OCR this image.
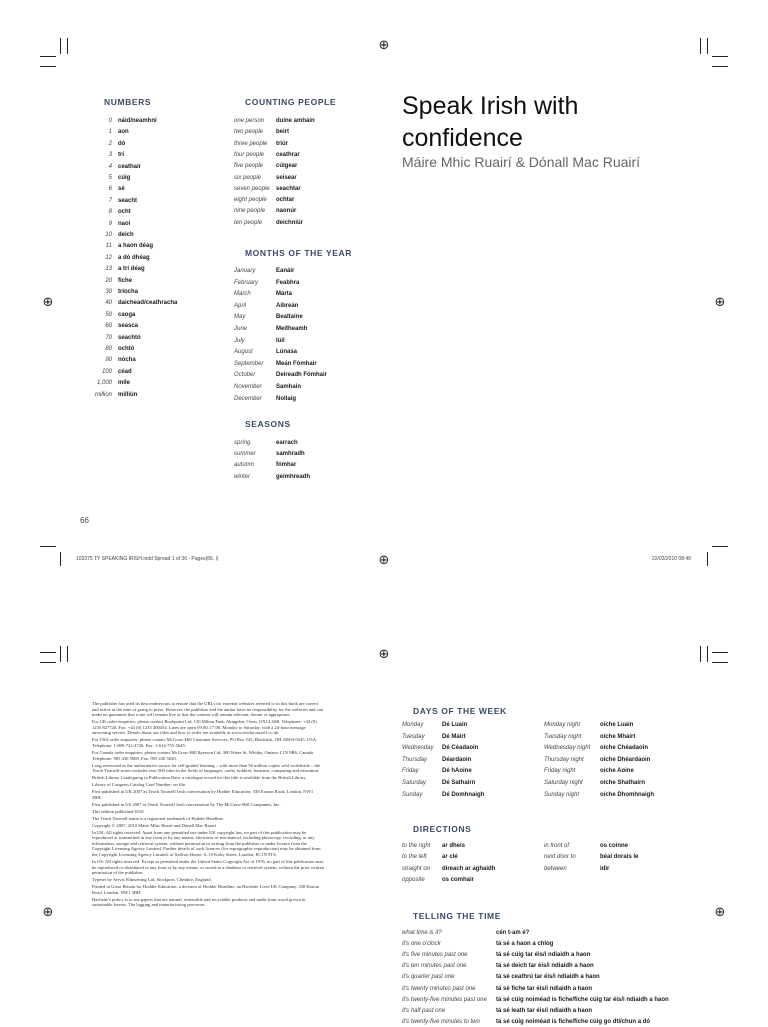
⊕
⊕	⊕
⊕
⊕
⊕	⊕
NUMBERS
0 náid/neamhní
1 aon
2 dó
3 trí
4 ceathair
5 cúig
6 sé
7 seacht
8 ocht
9 naoi
10 deich
11 a haon déag
12 a dó dhéag
13 a trí déag
20 fiche
30 tríocha
40 daichead/ceathracha
50 caoga
60 seasca
70 seachtó
80 ochtó
90 nócha
100 céad
1,000 míle
million milliún
COUNTING PEOPLE
one person duine amháin
two people beirt
three people triúr
four people ceathrar
five people cúigear
six people seisear
seven people seachtar
eight people ochtar
nine people naonúr
ten people deichniúr
MONTHS OF THE YEAR
January	Eanáir
February	Feabhra
March	Márta
April	Aibreán
May	Bealtaine
June	Meitheamh
July	Iúil
August	Lúnasa
September Meán Fómhair
October	Deireadh Fómhair
November Samhain
December Nollaig
SEASONS
spring	earrach
summer	samhradh
autumn	fómhar
winter	geimhreadh
Speak Irish with confidence
Máire Mhic Ruairí & Dónall Mac Ruairí
66
103375 TY SPEAKING IRISH.indd Spread 1 of 36 - Pages(66, i)	22/03/2010 08:49

The publisher has used its best endeavours to ensure that the URLs for external websites referred to in this book are correct and active at the time of going to press. However, the publisher and the author have no responsibility for the websites and can make no guarantee that a site will remain live or that the content will remain relevant, decent or appropriate.

For UK order enquiries: please contact Bookpoint Ltd, 130 Milton Park, Abingdon, Oxon, OX14 4SB. Telephone: +44 (0) 1235 827720. Fax: +44 (0) 1235 400454. Lines are open 09.00–17.00, Monday to Saturday, with a 24-hour message answering service. Details about our titles and how to order are available at www.teachyourself.co.uk

For USA order enquiries: please contact McGraw-Hill Customer Services, PO Box 545, Blacklick, OH 43004-0545, USA. Telephone: 1-800-722-4726. Fax: 1-614-755-5645.

For Canada order enquiries: please contact McGraw-Hill Ryerson Ltd, 300 Water St, Whitby, Ontario L1N 9B6, Canada. Telephone: 905 430 5000. Fax: 905 430 5020.

Long renowned as the authoritative source for self-guided learning – with more than 50 million copies sold worldwide – the Teach Yourself series includes over 500 titles in the fields of languages, crafts, hobbies, business, computing and education.

British Library Cataloguing in Publication Data: a catalogue record for this title is available from the British Library.

Library of Congress Catalog Card Number: on file.

First published in UK 2007 as Teach Yourself Irish conversation by Hodder Education, 338 Euston Road, London, NW1 3BH.

First published in US 2007 as Teach Yourself Irish conversation by The McGraw-Hill Companies, Inc.

This edition published 2010.

The Teach Yourself name is a registered trademark of Hodder Headline.

Copyright © 2007, 2010 Máire Mhic Ruairí and Dónall Mac Ruairí

In UK: All rights reserved. Apart from any permitted use under UK copyright law, no part of this publication may be reproduced or transmitted in any form or by any means, electronic or mechanical, including photocopy, recording, or any information, storage and retrieval system, without permission in writing from the publisher or under licence from the Copyright Licensing Agency Limited. Further details of such licences (for reprographic reproduction) may be obtained from the Copyright Licensing Agency Limited, of Saffron House, 6–10 Kirby Street, London, EC1N 8TS.

In US: All rights reserved. Except as permitted under the United States Copyright Act of 1976, no part of this publication may be reproduced or distributed in any form or by any means, or stored in a database or retrieval system, without the prior written permission of the publisher.

Typeset by Servis Filmsetting Ltd, Stockport, Cheshire, England.

Printed in Great Britain for Hodder Education, a division of Hodder Headline, an Hachette Livre UK Company, 338 Euston Road, London, NW1 3BH.

Hachette's policy is to use papers that are natural, renewable and recyclable products and made from wood grown in sustainable forests. The logging and manufacturing processes

DAYS OF THE WEEK
Monday	Dé Luain
Tuesday	Dé Máirt
Wednesday Dé Céadaoin
Thursday Déardaoin
Friday	Dé hAoine
Saturday	Dé Sathairn
Sunday	Dé Domhnaigh
Monday night	oíche Luain
Tuesday night	oíche Mháirt
Wednesday night oíche Chéadaoin
Thursday night	oíche Dhéardaoin
Friday night	oíche Aoine
Saturday night	oíche Shathairn
Sunday night	oíche Dhomhnaigh
DIRECTIONS
to the right ar dheis
to the left	ar clé
straight on díreach ar aghaidh
opposite	os comhair
in front of	os coinne
next door to	béal dorais le
between	idir
TELLING THE TIME
what time is it?	cén t-am é?
it's one o'clock	tá sé a haon a chlog
it's five minutes past one	tá sé cúig tar éis/i ndiaidh a haon
it's ten minutes past one	tá sé deich tar éis/i ndiaidh a haon
it's quarter past one	tá sé ceathrú tar éis/i ndiaidh a haon
it's twenty minutes past one	tá sé fiche tar éis/i ndiaidh a haon
it's twenty-five minutes past one tá sé cúig noiméad is fiche/fiche cúig tar éis/i ndiaidh a haon
it's half past one	tá sé leath tar éis/i ndiaidh a haon
it's twenty-five minutes to two	tá sé cúig noiméad is fiche/fiche cúig go dtí/chun a dó
